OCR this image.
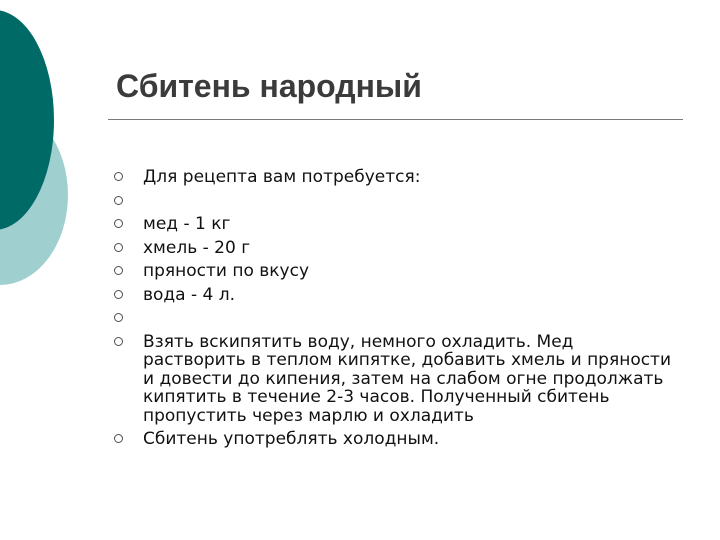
Сбитень народный
Для рецепта вам потребуется:
мед - 1 кг
хмель - 20 г
пряности по вкусу
вода - 4 л.
Взять вскипятить воду, немного охладить. Мед растворить в теплом кипятке, добавить хмель и пряности и довести до кипения, затем на слабом огне продолжать кипятить в течение 2-3 часов. Полученный сбитень пропустить через марлю и охладить
Сбитень употреблять холодным.
